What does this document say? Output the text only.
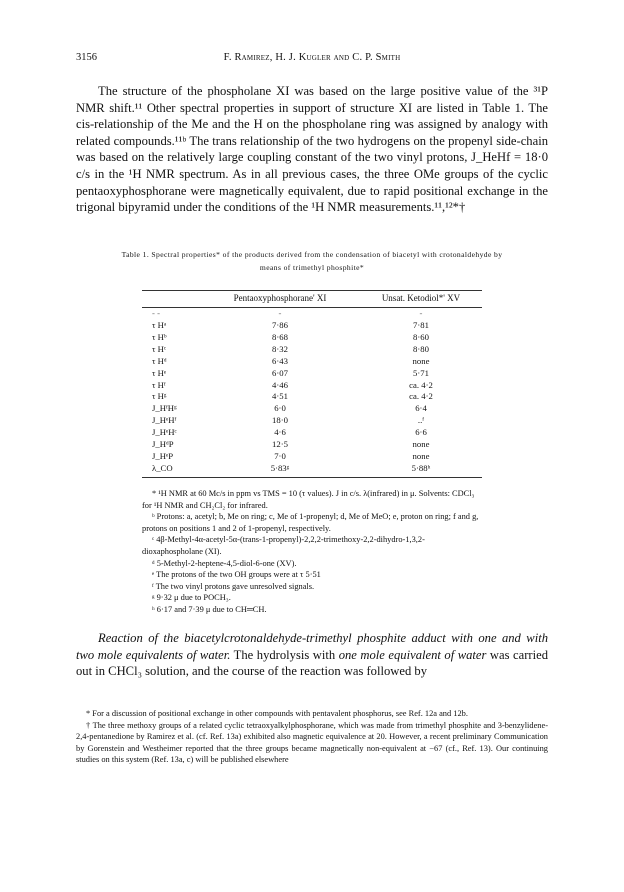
3156	F. Ramirez, H. J. Kugler and C. P. Smith

The structure of the phospholane XI was based on the large positive value of the ³¹P NMR shift.¹¹ Other spectral properties in support of structure XI are listed in Table 1. The cis-relationship of the Me and the H on the phospholane ring was assigned by analogy with related compounds.¹¹ᵇ The trans relationship of the two hydrogens on the propenyl side-chain was based on the relatively large coupling constant of the two vinyl protons, J_HeHf = 18·0 c/s in the ¹H NMR spectrum. As in all previous cases, the three OMe groups of the cyclic pentaoxyphosphorane were magnetically equivalent, due to rapid positional exchange in the trigonal bipyramid under the conditions of the ¹H NMR measurements.¹¹,¹²*†

Table 1. Spectral properties* of the products derived from the condensation of biacetyl with crotonaldehyde by means of trimethyl phosphite*
	Pentaoxyphosphorane' XI	Unsat. Ketodiol*' XV
- -	-	-
τ Hᵃ	7·86	7·81
τ Hᵇ	8·68	8·60
τ Hᶜ	8·32	8·80
τ Hᵈ	6·43	none
τ Hᵉ	6·07	5·71
τ Hᶠ	4·46	ca. 4·2
τ Hᵍ	4·51	ca. 4·2
J_HᶠHᵍ	6·0	6·4
J_HᵉHᶠ	18·0	..ᶠ
J_HᵉHᶜ	4·6	6·6
J_HᵈP	12·5	none
J_HᵉP	7·0	none
λ_CO	5·83ᵍ	5·88ʰ

* ¹H NMR at 60 Mc/s in ppm vs TMS = 10 (τ values). J in c/s. λ(infrared) in μ. Solvents: CDCl₃ for ¹H NMR and CH₂Cl₂ for infrared.

ᵇ Protons: a, acetyl; b, Me on ring; c, Me of 1-propenyl; d, Me of MeO; e, proton on ring; f and g, protons on positions 1 and 2 of 1-propenyl, respectively.

ᶜ 4β-Methyl-4α-acetyl-5α-(trans-1-propenyl)-2,2,2-trimethoxy-2,2-dihydro-1,3,2-dioxaphospholane (XI).

ᵈ 5-Methyl-2-heptene-4,5-diol-6-one (XV).

ᵉ The protons of the two OH groups were at τ 5·51

ᶠ The two vinyl protons gave unresolved signals.

ᵍ 9·32 μ due to POCH₃.

ʰ 6·17 and 7·39 μ due to CH═CH.

Reaction of the biacetylcrotonaldehyde-trimethyl phosphite adduct with one and with two mole equivalents of water. The hydrolysis with one mole equivalent of water was carried out in CHCl₃ solution, and the course of the reaction was followed by

* For a discussion of positional exchange in other compounds with pentavalent phosphorus, see Ref. 12a and 12b.

† The three methoxy groups of a related cyclic tetraoxyalkylphosphorane, which was made from trimethyl phosphite and 3-benzylidene-2,4-pentanedione by Ramirez et al. (cf. Ref. 13a) exhibited also magnetic equivalence at 20. However, a recent preliminary Communication by Gorenstein and Westheimer reported that the three groups became magnetically non-equivalent at −67 (cf., Ref. 13). Our continuing studies on this system (Ref. 13a, c) will be published elsewhere
